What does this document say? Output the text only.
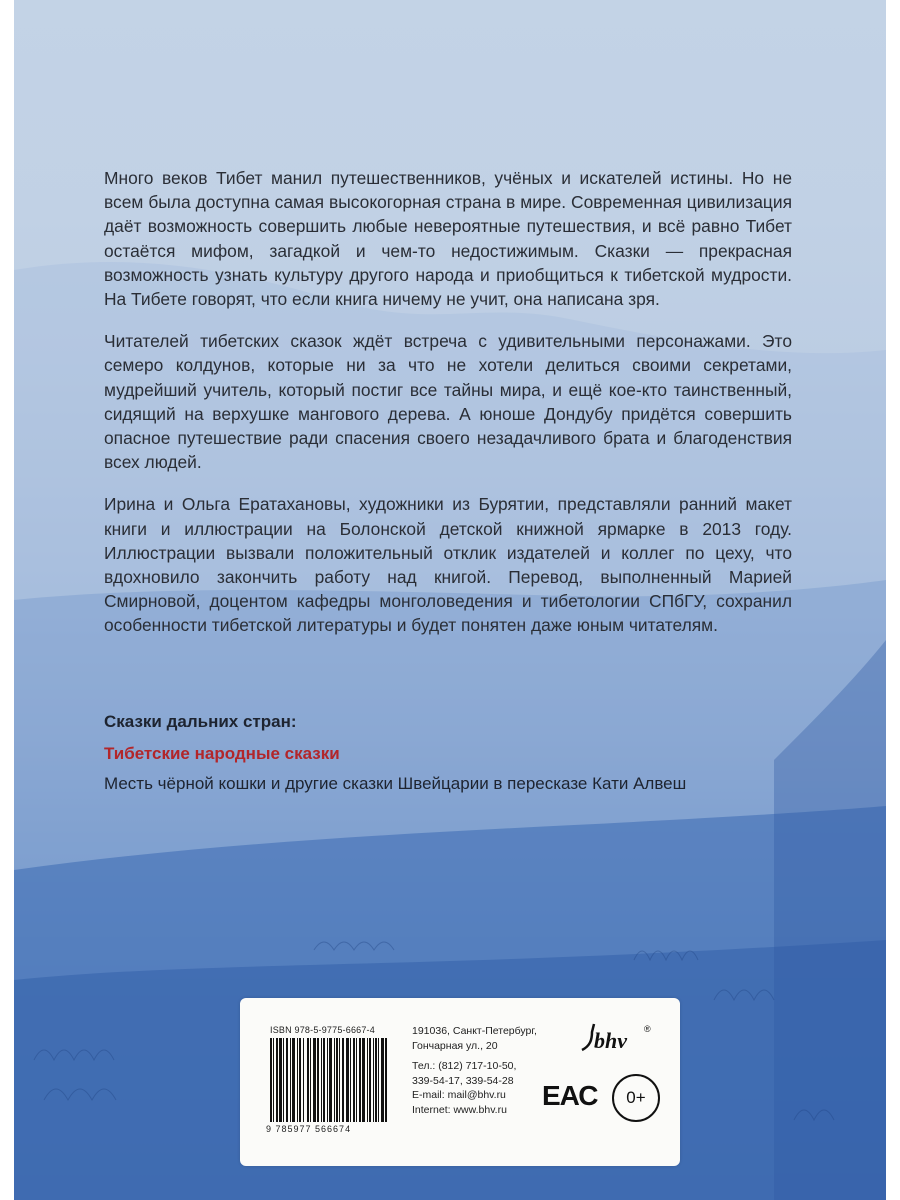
Много веков Тибет манил путешественников, учёных и искателей истины. Но не всем была доступна самая высокогорная страна в мире. Современная цивилизация даёт возможность совершить любые невероятные путешествия, и всё равно Тибет остаётся мифом, загадкой и чем-то недостижимым. Сказки — прекрасная возможность узнать культуру другого народа и приобщиться к тибетской мудрости. На Тибете говорят, что если книга ничему не учит, она написана зря.

Читателей тибетских сказок ждёт встреча с удивительными персонажами. Это семеро колдунов, которые ни за что не хотели делиться своими секретами, мудрейший учитель, который постиг все тайны мира, и ещё кое-кто таинственный, сидящий на верхушке мангового дерева. А юноше Дондубу придётся совершить опасное путешествие ради спасения своего незадачливого брата и благоденствия всех людей.

Ирина и Ольга Ератахановы, художники из Бурятии, представляли ранний макет книги и иллюстрации на Болонской детской книжной ярмарке в 2013 году. Иллюстрации вызвали положительный отклик издателей и коллег по цеху, что вдохновило закончить работу над книгой. Перевод, выполненный Марией Смирновой, доцентом кафедры монголоведения и тибетологии СПбГУ, сохранил особенности тибетской литературы и будет понятен даже юным читателям.

Сказки дальних стран:
Тибетские народные сказки
Месть чёрной кошки и другие сказки Швейцарии в пересказе Кати Алвеш
ISBN 978-5-9775-6667-4
9 785977 566674
191036, Санкт-Петербург,
Гончарная ул., 20
Тел.: (812) 717-10-50,
339-54-17, 339-54-28
E-mail: mail@bhv.ru
Internet: www.bhv.ru
bhv ®
ЕАС	0+
